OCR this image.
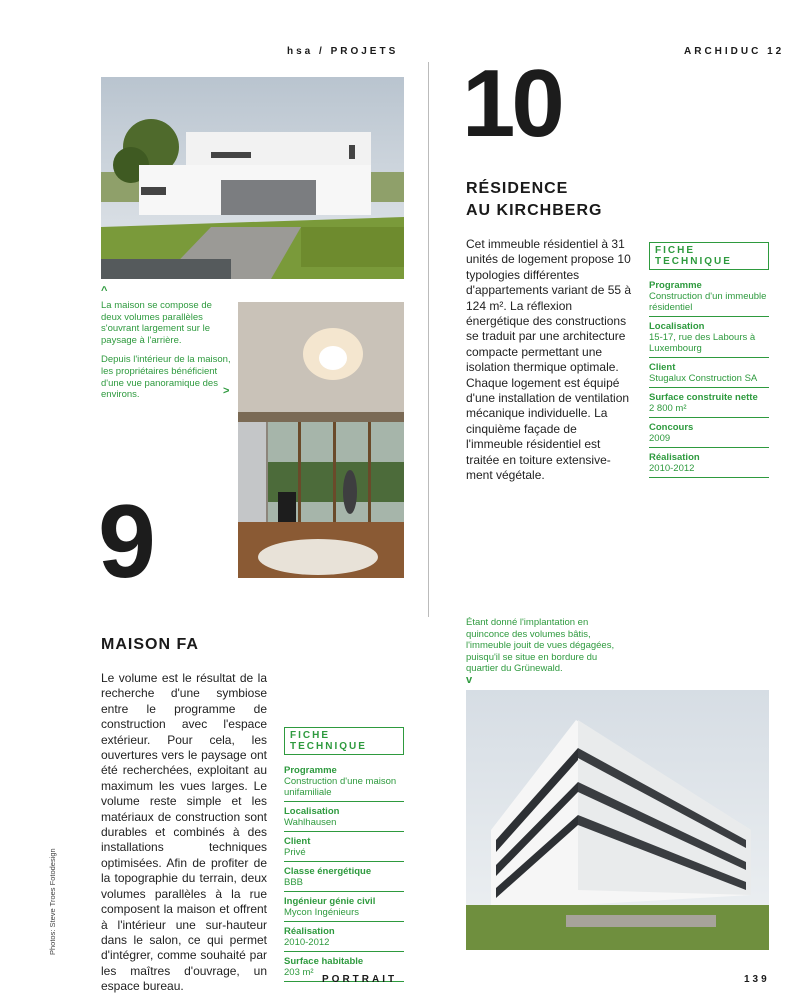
hsa / PROJETS	ARCHIDUC 12
^

La maison se compose de deux volumes parallèles s'ouvrant largement sur le paysage à l'arrière.

Depuis l'intérieur de la maison, les propriétaires bénéficient d'une vue panoramique des environs.	>
9
MAISON FA
Le volume est le résultat de la recherche d'une symbiose entre le programme de construction avec l'espace extérieur. Pour cela, les ouvertures vers le paysage ont été recherchées, exploitant au maximum les vues larges. Le volume reste simple et les matériaux de construction sont durables et combinés à des installations techniques optimisées. Afin de profiter de la topographie du terrain, deux volumes parallèles à la rue composent la maison et offrent à l'intérieur une sur-hauteur dans le salon, ce qui permet d'intégrer, comme souhaité par les maîtres d'ouvrage, un espace bureau.
FICHE TECHNIQUE
Programme
Construction d'une maison unifamiliale
Localisation
Wahlhausen
Client
Privé
Classe énergétique
BBB
Ingénieur génie civil
Mycon Ingénieurs
Réalisation
2010-2012
Surface habitable
203 m²
Photos: Steve Troes Fotodesign
10
RÉSIDENCE
AU KIRCHBERG
Cet immeuble résidentiel à 31 unités de logement propose 10 typologies différentes d'appartements variant de 55 à 124 m². La réflexion énergétique des constructions se traduit par une architecture compacte permettant une isolation thermique optimale. Chaque logement est équipé d'une installation de ventilation mécanique individuelle. La cinquième façade de l'immeuble résidentiel est traitée en toiture extensive-ment végétale.
FICHE TECHNIQUE
Programme
Construction d'un immeuble résidentiel
Localisation
15-17, rue des Labours à Luxembourg
Client
Stugalux Construction SA
Surface construite nette
2 800 m²
Concours
2009
Réalisation
2010-2012
Étant donné l'implantation en quinconce des volumes bâtis, l'immeuble jouit de vues dégagées, puisqu'il se situe en bordure du quartier du Grünewald.
v
PORTRAIT	139
